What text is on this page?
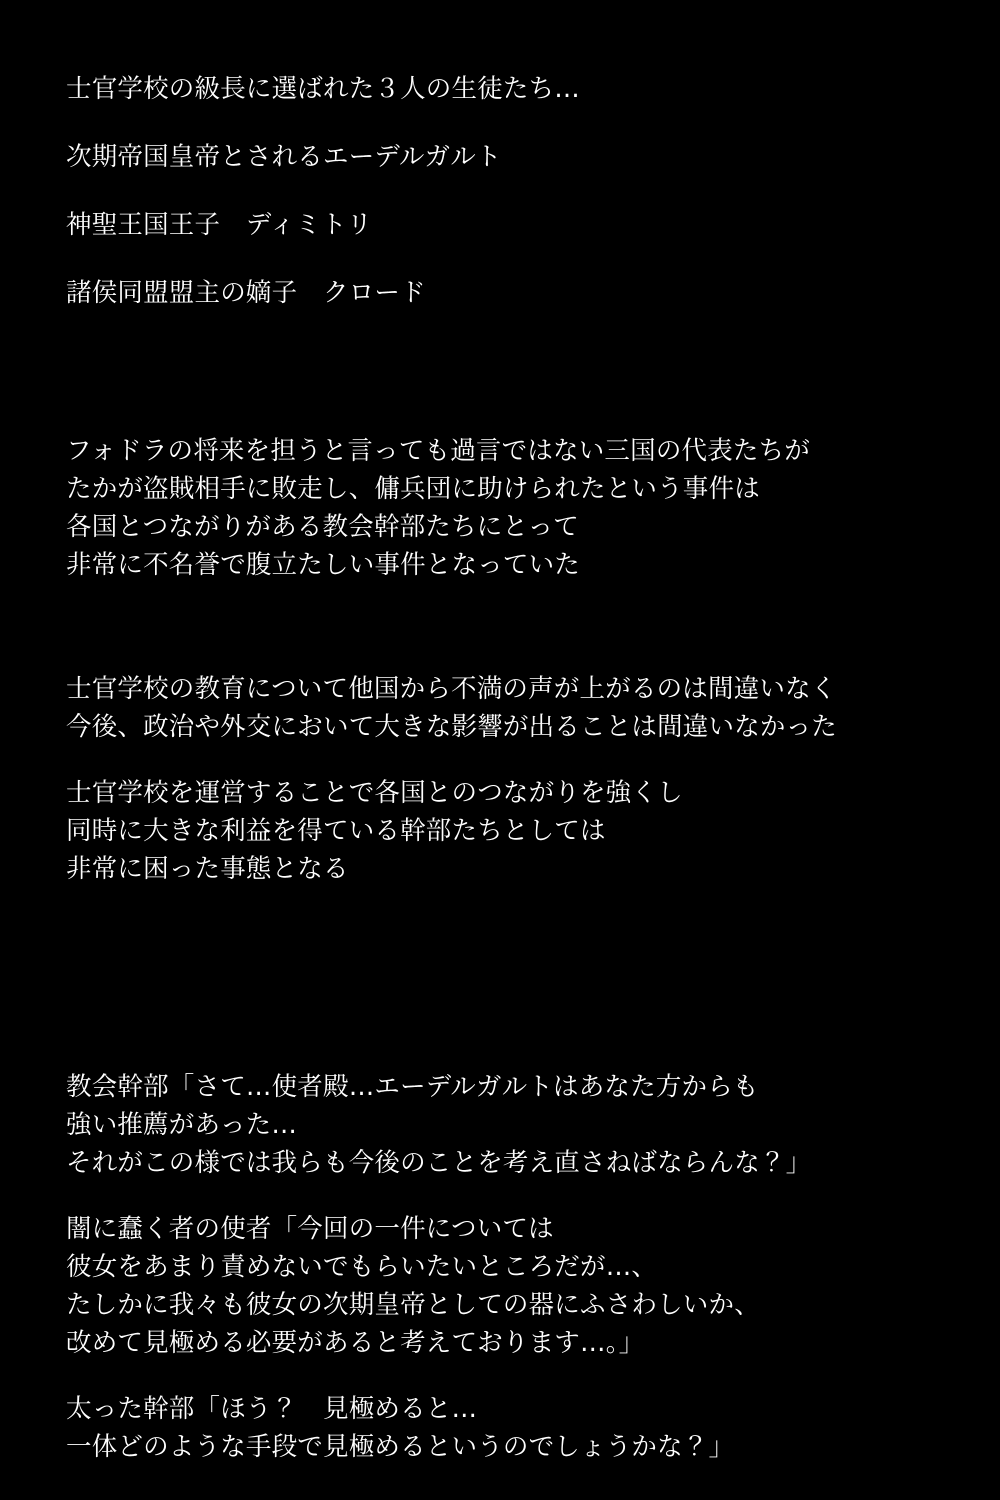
士官学校の級長に選ばれた３人の生徒たち…

次期帝国皇帝とされるエーデルガルト

神聖王国王子　ディミトリ

諸侯同盟盟主の嫡子　クロード

フォドラの将来を担うと言っても過言ではない三国の代表たちが

たかが盗賊相手に敗走し、傭兵団に助けられたという事件は

各国とつながりがある教会幹部たちにとって

非常に不名誉で腹立たしい事件となっていた

士官学校の教育について他国から不満の声が上がるのは間違いなく

今後、政治や外交において大きな影響が出ることは間違いなかった

士官学校を運営することで各国とのつながりを強くし

同時に大きな利益を得ている幹部たちとしては

非常に困った事態となる

教会幹部「さて…使者殿…エーデルガルトはあなた方からも

強い推薦があった…

それがこの様では我らも今後のことを考え直さねばならんな？」

闇に蠢く者の使者「今回の一件については

彼女をあまり責めないでもらいたいところだが…、

たしかに我々も彼女の次期皇帝としての器にふさわしいか、

改めて見極める必要があると考えております…。」

太った幹部「ほう？　見極めると…

一体どのような手段で見極めるというのでしょうかな？」
